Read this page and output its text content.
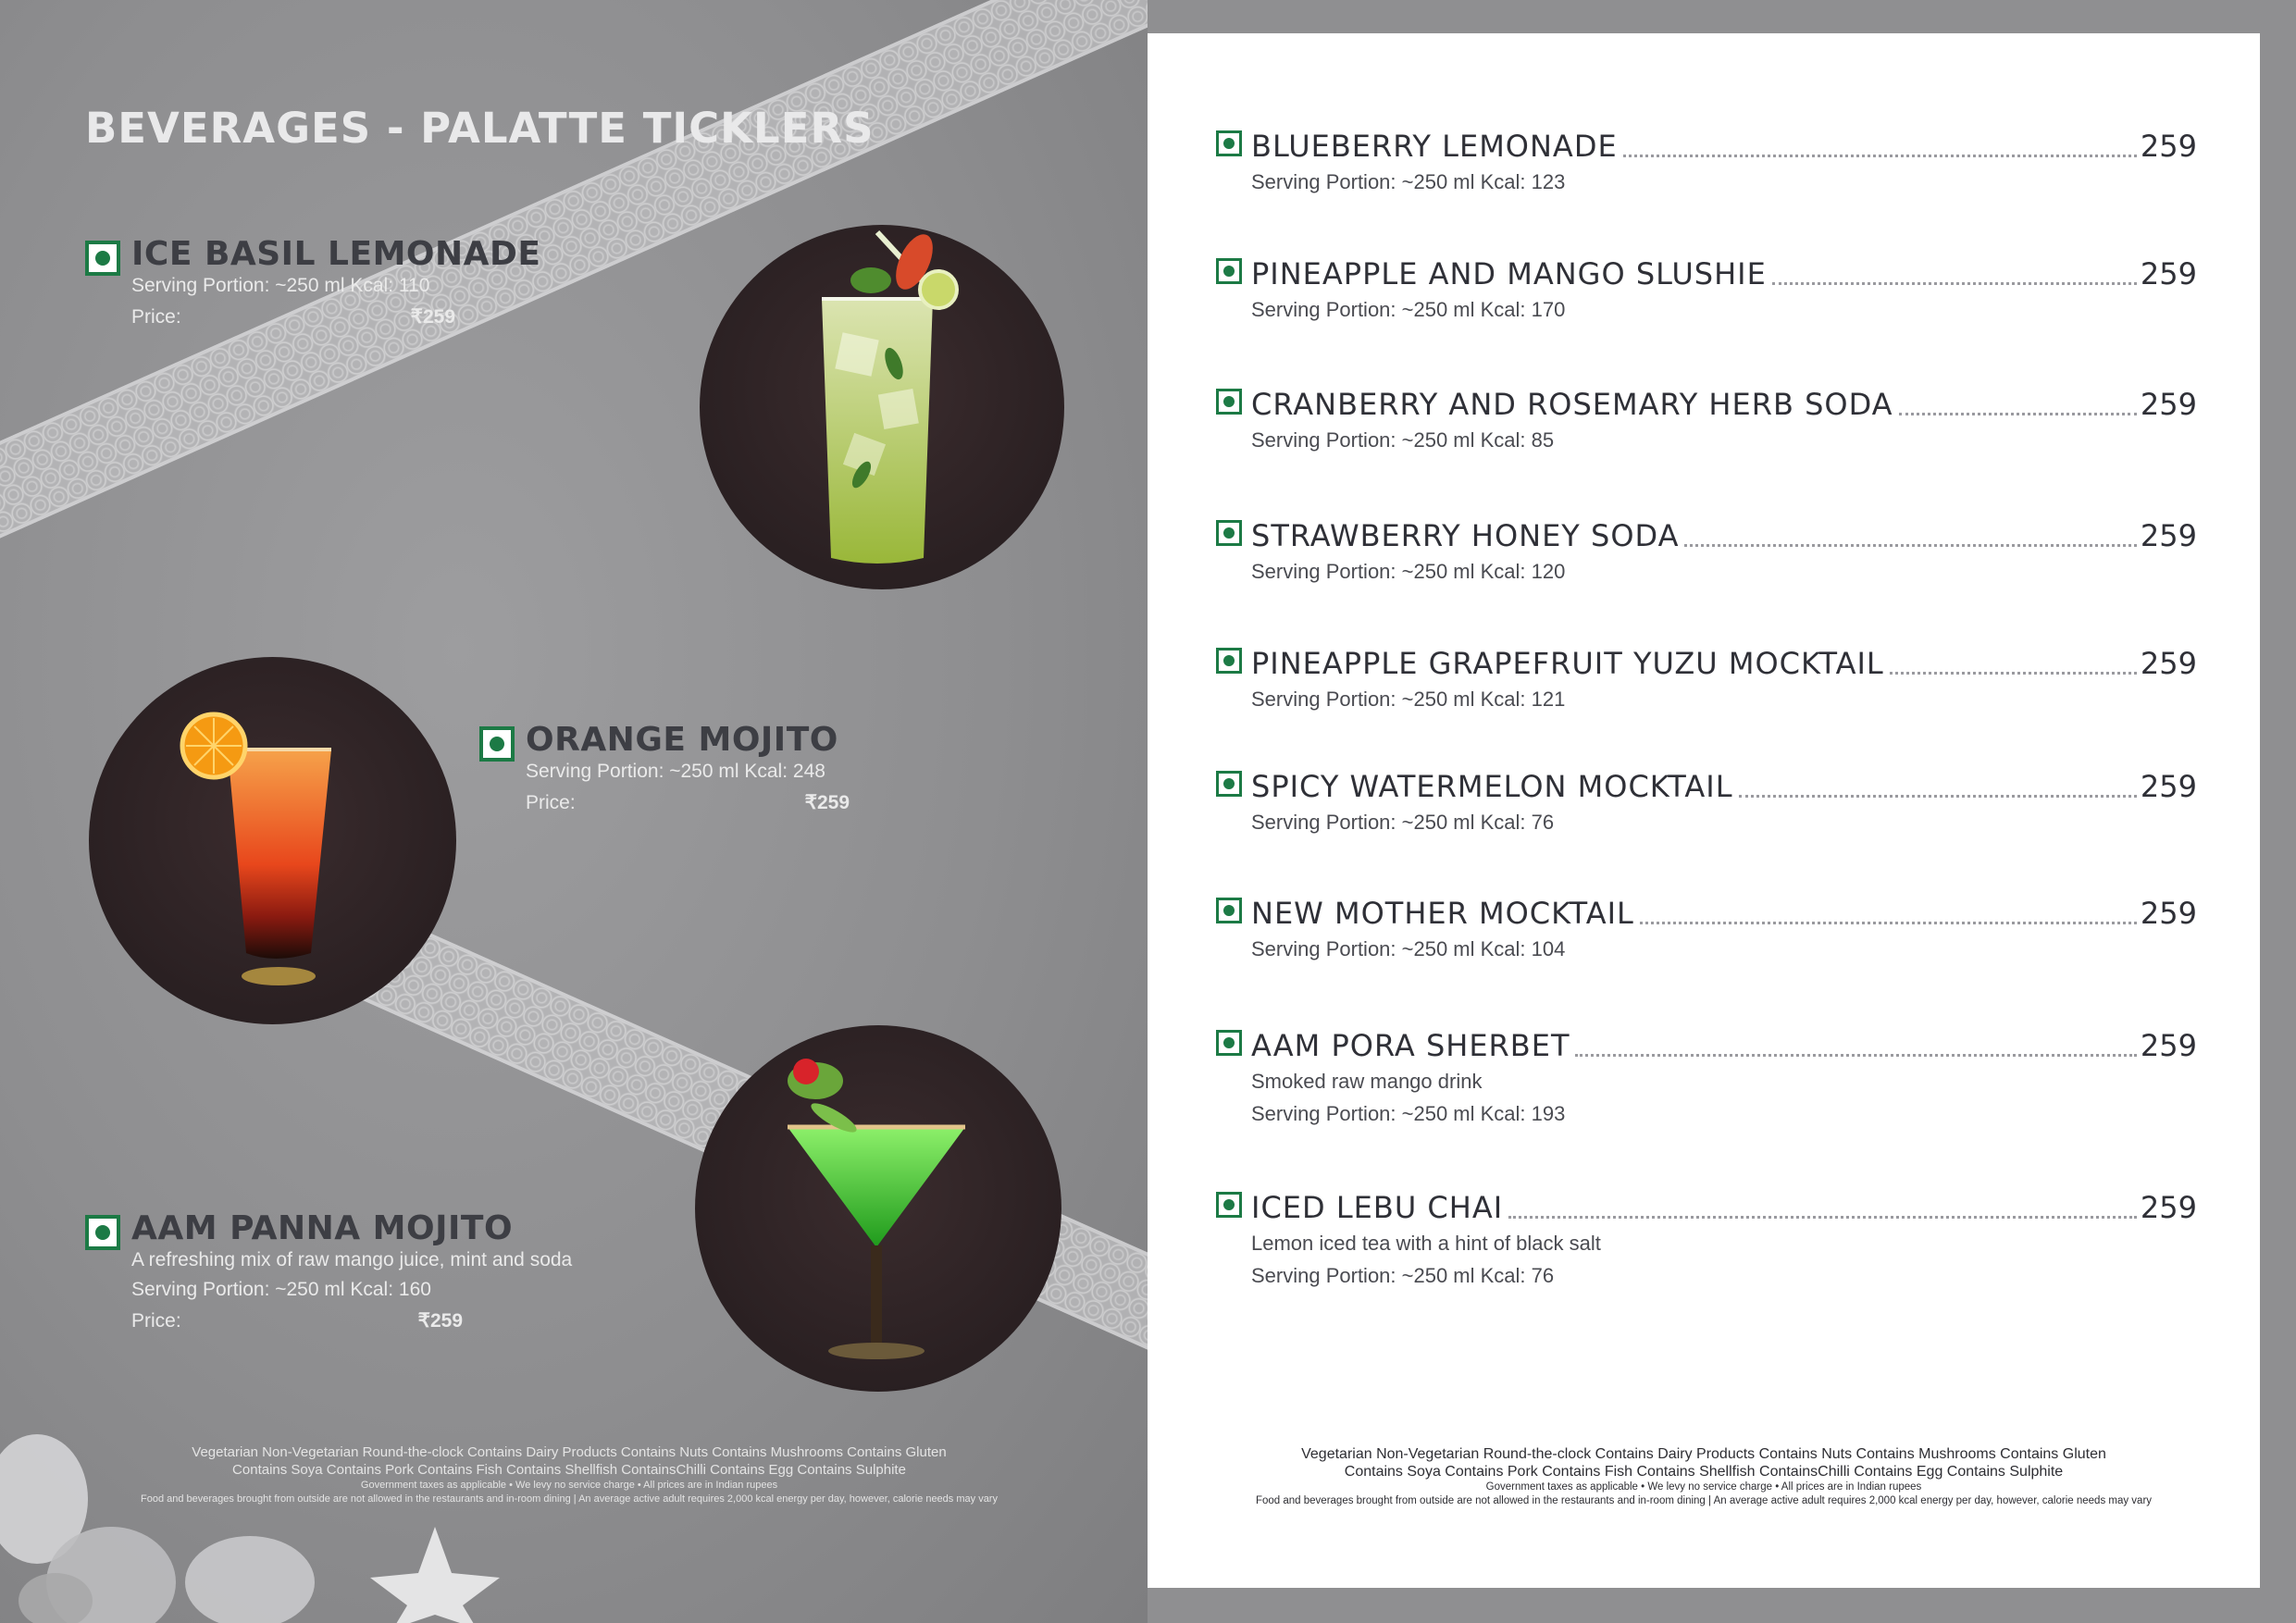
BEVERAGES - PALATTE TICKLERS
ICE BASIL LEMONADE
Serving Portion: ~250 ml Kcal: 110
Price:	₹259
ORANGE MOJITO
Serving Portion: ~250 ml Kcal: 248
Price:	₹259
AAM PANNA MOJITO
A refreshing mix of raw mango juice, mint and soda
Serving Portion: ~250 ml Kcal: 160
Price:	₹259
Vegetarian Non-Vegetarian Round-the-clock Contains Dairy Products Contains Nuts Contains Mushrooms Contains Gluten
Contains Soya Contains Pork Contains Fish Contains Shellfish ContainsChilli Contains Egg Contains Sulphite
Government taxes as applicable • We levy no service charge • All prices are in Indian rupees
Food and beverages brought from outside are not allowed in the restaurants and in-room dining | An average active adult requires 2,000 kcal energy per day, however, calorie needs may vary
BLUEBERRY LEMONADE	259
Serving Portion: ~250 ml Kcal: 123
PINEAPPLE AND MANGO SLUSHIE	259
Serving Portion: ~250 ml Kcal: 170
CRANBERRY AND ROSEMARY HERB SODA	259
Serving Portion: ~250 ml Kcal: 85
STRAWBERRY HONEY SODA	259
Serving Portion: ~250 ml Kcal: 120
PINEAPPLE GRAPEFRUIT YUZU MOCKTAIL	259
Serving Portion: ~250 ml Kcal: 121
SPICY WATERMELON MOCKTAIL	259
Serving Portion: ~250 ml Kcal: 76
NEW MOTHER MOCKTAIL	259
Serving Portion: ~250 ml Kcal: 104
AAM PORA SHERBET	259
Smoked raw mango drink
Serving Portion: ~250 ml Kcal: 193
ICED LEBU CHAI	259
Lemon iced tea with a hint of black salt
Serving Portion: ~250 ml Kcal: 76
Vegetarian Non-Vegetarian Round-the-clock Contains Dairy Products Contains Nuts Contains Mushrooms Contains Gluten
Contains Soya Contains Pork Contains Fish Contains Shellfish ContainsChilli Contains Egg Contains Sulphite
Government taxes as applicable • We levy no service charge • All prices are in Indian rupees
Food and beverages brought from outside are not allowed in the restaurants and in-room dining | An average active adult requires 2,000 kcal energy per day, however, calorie needs may vary
